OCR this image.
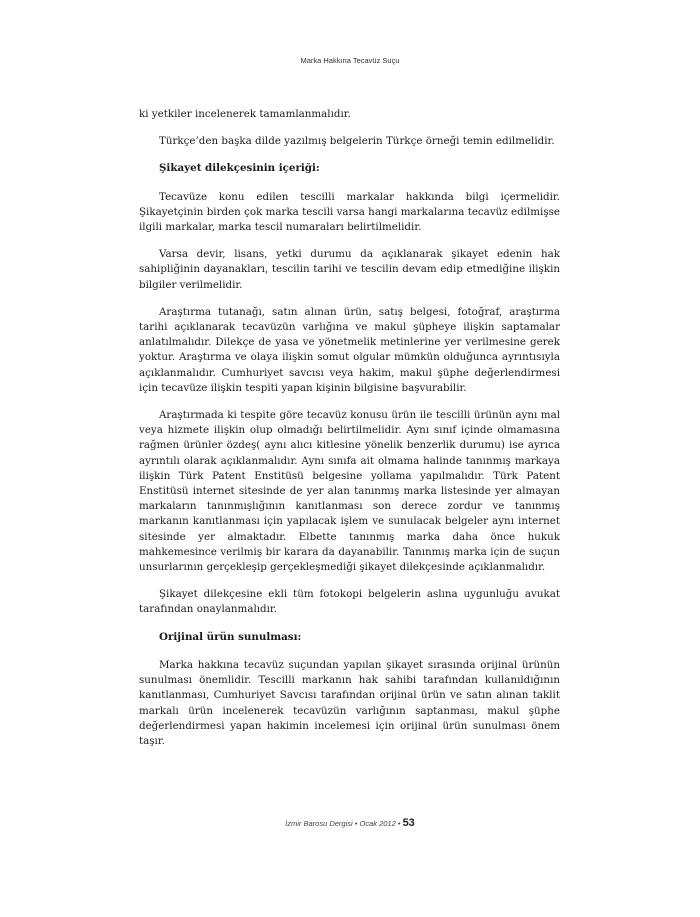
Marka Hakkına Tecavüz Suçu

ki yetkiler incelenerek tamamlanmalıdır.

Türkçe’den başka dilde yazılmış belgelerin Türkçe örneği temin edilmelidir.

Şikayet dilekçesinin içeriği:

Tecavüze konu edilen tescilli markalar hakkında bilgi içermelidir. Şikayetçinin birden çok marka tescili varsa hangi markalarına tecavüz edilmişse ilgili markalar, marka tescil numaraları belirtilmelidir.

Varsa devir, lisans, yetki durumu da açıklanarak şikayet edenin hak sahipliğinin dayanakları, tescilin tarihi ve tescilin devam edip etmediğine ilişkin bilgiler verilmelidir.

Araştırma tutanağı, satın alınan ürün, satış belgesi, fotoğraf, araştırma tarihi açıklanarak tecavüzün varlığına ve makul şüpheye ilişkin saptamalar anlatılmalıdır. Dilekçe de yasa ve yönetmelik metinlerine yer verilmesine gerek yoktur. Araştırma ve olaya ilişkin somut olgular mümkün olduğunca ayrıntısıyla açıklanmalıdır. Cumhuriyet savcısı veya hakim, makul şüphe değerlendirmesi için tecavüze ilişkin tespiti yapan kişinin bilgisine başvurabilir.

Araştırmada ki tespite göre tecavüz konusu ürün ile tescilli ürünün aynı mal veya hizmete ilişkin olup olmadığı belirtilmelidir. Aynı sınıf içinde olmamasına rağmen ürünler özdeş( aynı alıcı kitlesine yönelik benzerlik durumu) ise ayrıca ayrıntılı olarak açıklanmalıdır. Aynı sınıfa ait olmama halinde tanınmış markaya ilişkin Türk Patent Enstitüsü belgesine yollama yapılmalıdır. Türk Patent Enstitüsü internet sitesinde de yer alan tanınmış marka listesinde yer almayan markaların tanınmışlığının kanıtlanması son derece zordur ve tanınmış markanın kanıtlanması için yapılacak işlem ve sunulacak belgeler aynı internet sitesinde yer almaktadır. Elbette tanınmış marka daha önce hukuk mahkemesince verilmiş bir karara da dayanabilir. Tanınmış marka için de suçun unsurlarının gerçekleşip gerçekleşmediği şikayet dilekçesinde açıklanmalıdır.

Şikayet dilekçesine ekli tüm fotokopi belgelerin aslına uygunluğu avukat tarafından onaylanmalıdır.

Orijinal ürün sunulması:

Marka hakkına tecavüz suçundan yapılan şikayet sırasında orijinal ürünün sunulması önemlidir. Tescilli markanın hak sahibi tarafından kullanıldığının kanıtlanması, Cumhuriyet Savcısı tarafından orijinal ürün ve satın alınan taklit markalı ürün incelenerek tecavüzün varlığının saptanması, makul şüphe değerlendirmesi yapan hakimin incelemesi için orijinal ürün sunulması önem taşır.

İzmir Barosu Dergisi • Ocak 2012 • 53
